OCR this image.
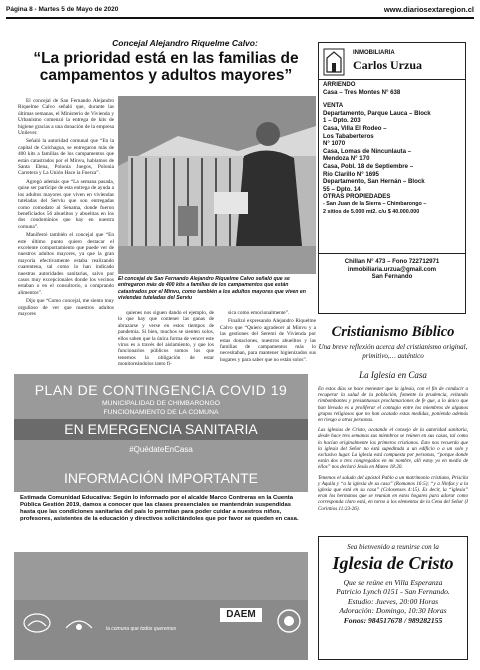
Página 8 - Martes 5 de Mayo de 2020	www.diariosextaregion.cl
Concejal Alejandro Riquelme Calvo:
“La prioridad está en las familias de campamentos y adultos mayores”

El concejal de San Fernando Alejandro Riquelme Calvo señaló que, durante las últimas semanas, el Ministerio de Vivienda y Urbanismo comenzó la entrega de kits de higiene gracias a una donación de la empresa Unilever.

Señaló la autoridad comunal que “En la capital de Colchagua, se entregaron más de 400 kits a familias de los campamentos que están catastrados por el Minvu, hablamos de Santa Elena, Polonia Juegos, Polonia Carretera y La Unión Hace la Fuerza”.

Agregó además que “La semana pasada, quise ser partícipe de esta entrega de ayuda a los adultos mayores que viven en viviendas tuteladas del Serviu que son entregadas como comodato al Senama, donde fueron beneficiados 56 abuelitos y abuelitas en los dos condominios que hay en nuestra comuna”.

Manifestó también el concejal que “En este último punto quiero destacar el excelente comportamiento que puede ver de nuestros adultos mayores, ya que la gran mayoría efectivamente estaba realizando cuarentena, tal como lo han indicado nuestras autoridades sanitarias, salvo por casos muy excepcionales donde los vecinos estaban o en el consultorio, o comprando alimentos”.

Dijo que “Como concejal, me siento muy orgulloso de ver que nuestros adultos mayores

El concejal de San Fernando Alejandro Riquelme Calvo señaló que se entregaron más de 400 kits a familias de los campamentos que están catastrados por el Minvu, como también a los adultos mayores que viven en viviendas tuteladas del Serviu

quienes nos siguen dando el ejemplo, de lo que hay que contener las ganas de abrazarse y verse en estos tiempos de pandemia. Si bien, muchos se sienten solos, ellos saben que la única forma de vencer este virus es a través del aislamiento, y que los funcionarios públicos somos los que tenemos la obligación de estar monitoreándolos tanto fí-

sica como emocionalmente”.

Finalizó expresando Alejandro Riquelme Calvo que “Quiero agradecer al Minvu y a las gestiones del Seremi de Vivienda por estas donaciones, nuestros abuelitos y las familias de campamentos más lo necesitaban, para mantener higienizados sus hogares y para saber que no están solos”.

INMOBILIARIA
Carlos Urzua
ARRIENDO
Casa – Tres Montes N° 638
VENTA
Departamento, Parque Lauca – Block
1 – Dpto. 203
Casa, Villa El Rodeo –
Los Tababerteros
N° 1070
Casa, Lomas de Nincunlauta –
Mendoza N° 170
Casa, Pobl. 18 de Septiembre –
Río Clarillo N° 1695
Departamento, San Hernán – Block
55 – Dpto. 14
OTRAS PROPIEDADES
- San Juan de la Sierra – Chimbarongo –
2 sitios de 5.000 mt2. c/u $ 40.000.000
Chillan N° 473 – Fono 722712971
inmobiliaria.urzua@gmail.com
San Fernando
Cristianismo Bíblico
Una breve reflexión acerca del cristianismo original, primitivo,… auténtico
La Iglesia en Casa

En estos días se hace menester que la iglesia, con el fin de conducir a recuperar la salud de la población, fomente la prudencia, evitando rimbombantes y presuntuosas proclamaciones de fe que, a lo único que han llevado es a proliferar el contagio entre los miembros de algunos grupos religiosos que no han acatado estas medidas, poniendo además en riesgo a otras personas.

Las iglesias de Cristo, acatando el consejo de la autoridad sanitaria, desde hace tres semanas sus miembros se reúnen en sus casas, tal como lo hacían originalmente los primeros cristianos. Esto nos recuerda que la iglesia del Señor no está supeditada a un edificio o a un solo y exclusivo lugar. La iglesia está compuesta por personas, “porque donde están dos o tres congregados en mi nombre, allí estoy yo en medio de ellos” nos declaró Jesús en Mateo 18:20.

Tenemos el saludo del apóstol Pablo a un matrimonio cristiano, Priscila y Aquila y “a la iglesia de su casa” (Romanos 16:5); “y a Ninfas y a la iglesia que está en su casa” (Colosenses 4:15). Es decir, la “iglesia” eran los hermanos que se reunían en estos hogares para adorar como corresponda claro está, en torno a los elementos de la Cena del Señor (I Corintios 11:23-26).

Sea bienvenido a reunirse con la
Iglesia de Cristo
Que se reúne en Villa Esperanza
Patricio Lynch 0151 - San Fernando.
Estudio: Jueves, 20:00 Horas
Adoración: Domingo, 10:30 Horas
Fonos: 984517678 / 989282155
PLAN DE CONTINGENCIA COVID 19
MUNICIPALIDAD DE CHIMBARONGO
FUNCIONAMIENTO DE LA COMUNA
EN EMERGENCIA SANITARIA
#QuédateEnCasa
INFORMACIÓN IMPORTANTE
Estimada Comunidad Educativa: Según lo informado por el alcalde Marco Contreras en la Cuenta Pública Gestión 2019, damos a conocer que las clases presenciales se mantendrán suspendidas hasta que las condiciones sanitarias del país lo permitan para poder cuidar a nuestros niños, profesores, asistentes de la educación y directivos solicitándoles que por favor se queden en casa.
la comuna que todos queremos
DAEM
